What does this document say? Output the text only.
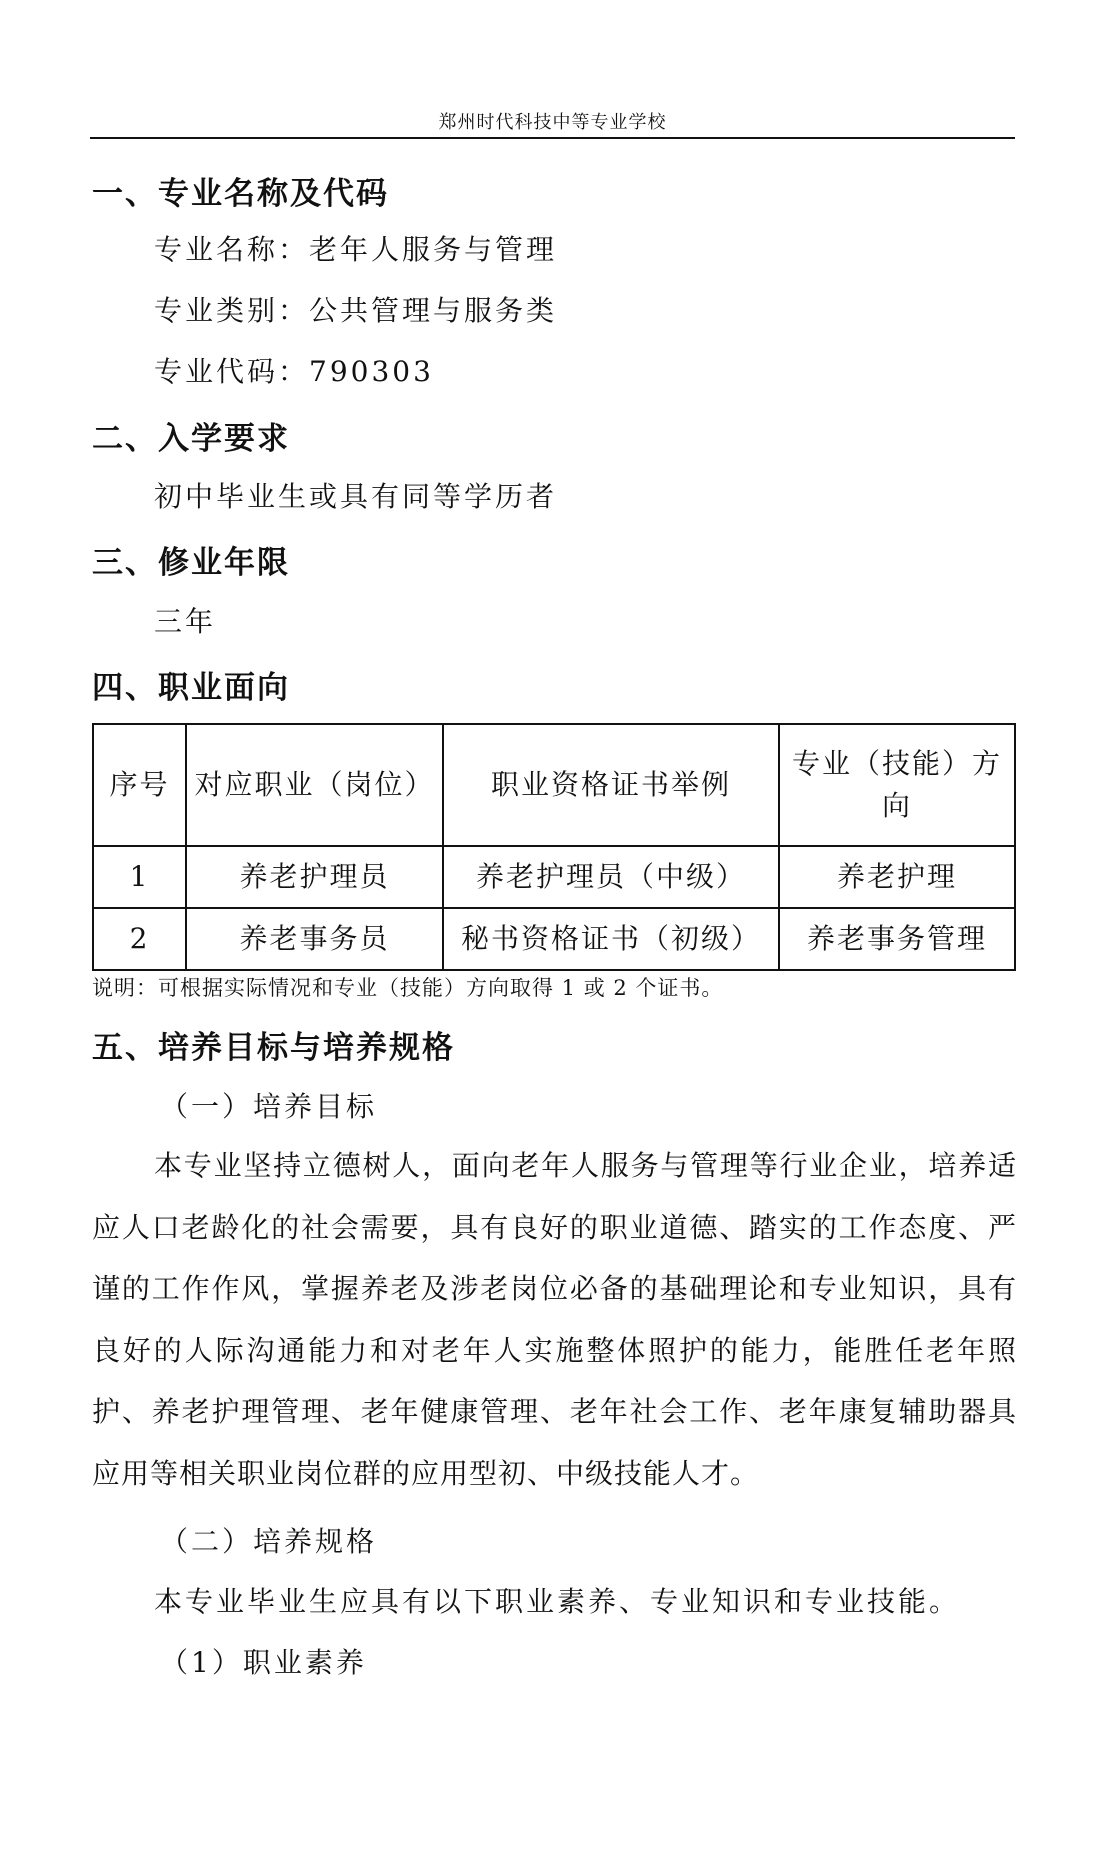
郑州时代科技中等专业学校
一、专业名称及代码
专业名称：老年人服务与管理
专业类别：公共管理与服务类
专业代码：790303
二、入学要求
初中毕业生或具有同等学历者
三、修业年限
三年
四、职业面向
序号	对应职业（岗位）	职业资格证书举例	专业（技能）方向
1	养老护理员	养老护理员（中级）	养老护理
2	养老事务员	秘书资格证书（初级）	养老事务管理
说明：可根据实际情况和专业（技能）方向取得 1 或 2 个证书。
五、培养目标与培养规格
（一）培养目标
本专业坚持立德树人，面向老年人服务与管理等行业企业，培养适应人口老龄化的社会需要，具有良好的职业道德、踏实的工作态度、严谨的工作作风，掌握养老及涉老岗位必备的基础理论和专业知识，具有良好的人际沟通能力和对老年人实施整体照护的能力，能胜任老年照护、养老护理管理、老年健康管理、老年社会工作、老年康复辅助器具应用等相关职业岗位群的应用型初、中级技能人才。
（二）培养规格
本专业毕业生应具有以下职业素养、专业知识和专业技能。
（1）职业素养
